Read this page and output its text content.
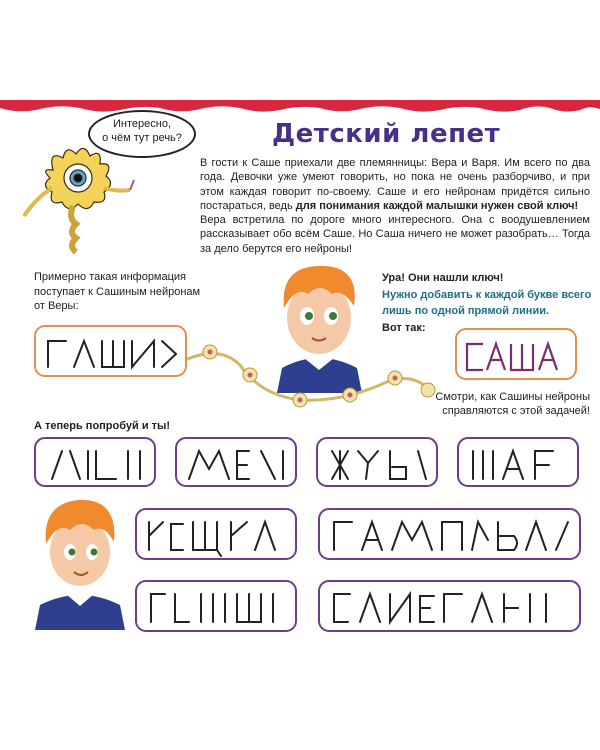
Интересно,
о чём тут речь?	Детский лепет

В гости к Саше приехали две племянницы: Вера и Варя. Им всего по два года. Девочки уже умеют говорить, но пока не очень разборчиво, и при этом каждая говорит по-своему. Саше и его нейронам придётся сильно постараться, ведь для понимания каждой малышки нужен свой ключ!

Вера встретила по дороге много интересного. Она с воодушевлением рассказывает обо всём Саше. Но Саша ничего не может разобрать… Тогда за дело берутся его нейроны!

Примерно такая информация поступает к Сашиным нейронам от Веры:
Ура! Они нашли ключ!
Нужно добавить к каждой букве всего лишь по одной прямой линии.
Вот так:
Смотри, как Сашины нейроны справляются с этой задачей!
А теперь попробуй и ты!
